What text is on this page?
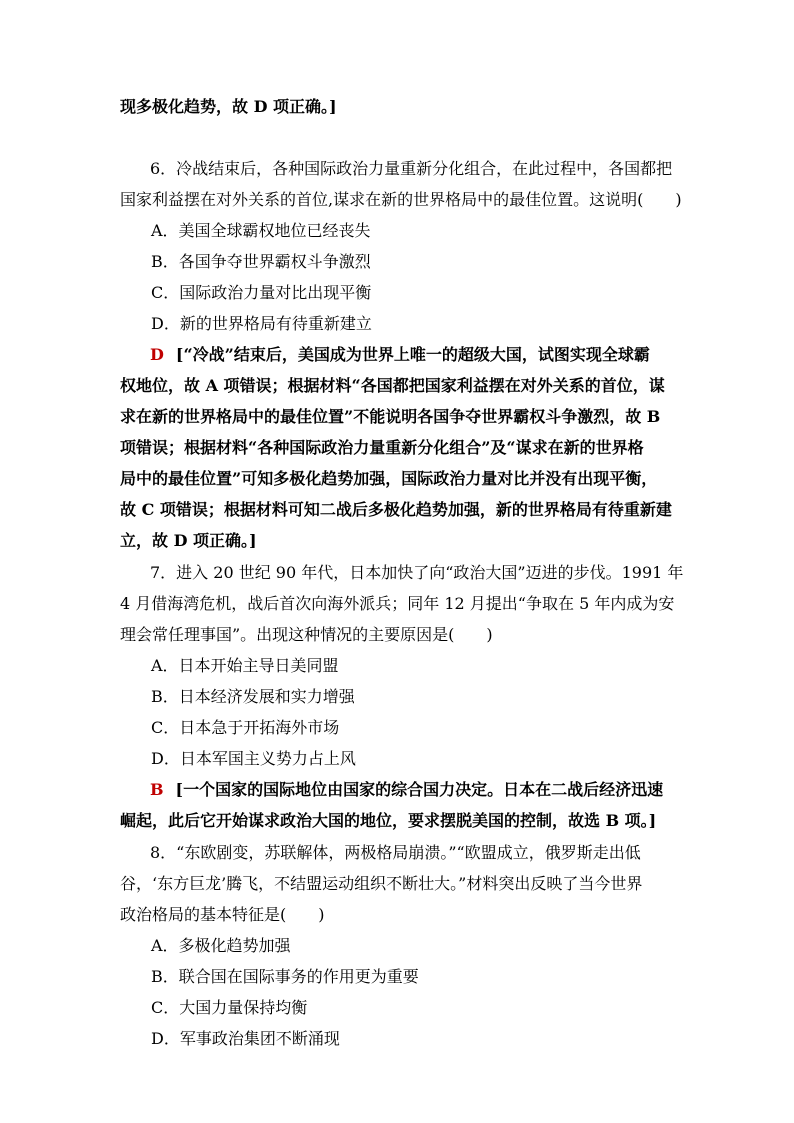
现多极化趋势，故 D 项正确。]
6．冷战结束后，各种国际政治力量重新分化组合，在此过程中，各国都把
国家利益摆在对外关系的首位,谋求在新的世界格局中的最佳位置。这说明(　　)
A．美国全球霸权地位已经丧失
B．各国争夺世界霸权斗争激烈
C．国际政治力量对比出现平衡
D．新的世界格局有待重新建立
D [“冷战”结束后，美国成为世界上唯一的超级大国，试图实现全球霸
权地位，故 A 项错误；根据材料“各国都把国家利益摆在对外关系的首位，谋
求在新的世界格局中的最佳位置”不能说明各国争夺世界霸权斗争激烈，故 B
项错误；根据材料“各种国际政治力量重新分化组合”及“谋求在新的世界格
局中的最佳位置”可知多极化趋势加强，国际政治力量对比并没有出现平衡，
故 C 项错误；根据材料可知二战后多极化趋势加强，新的世界格局有待重新建
立，故 D 项正确。]
7．进入 20 世纪 90 年代，日本加快了向“政治大国”迈进的步伐。1991 年
4 月借海湾危机，战后首次向海外派兵；同年 12 月提出“争取在 5 年内成为安
理会常任理事国”。出现这种情况的主要原因是(　　)
A．日本开始主导日美同盟
B．日本经济发展和实力增强
C．日本急于开拓海外市场
D．日本军国主义势力占上风
B [一个国家的国际地位由国家的综合国力决定。日本在二战后经济迅速
崛起，此后它开始谋求政治大国的地位，要求摆脱美国的控制，故选 B 项。]
8．“东欧剧变，苏联解体，两极格局崩溃。”“欧盟成立，俄罗斯走出低
谷，‘东方巨龙’腾飞，不结盟运动组织不断壮大。”材料突出反映了当今世界
政治格局的基本特征是(　　)
A．多极化趋势加强
B．联合国在国际事务的作用更为重要
C．大国力量保持均衡
D．军事政治集团不断涌现
